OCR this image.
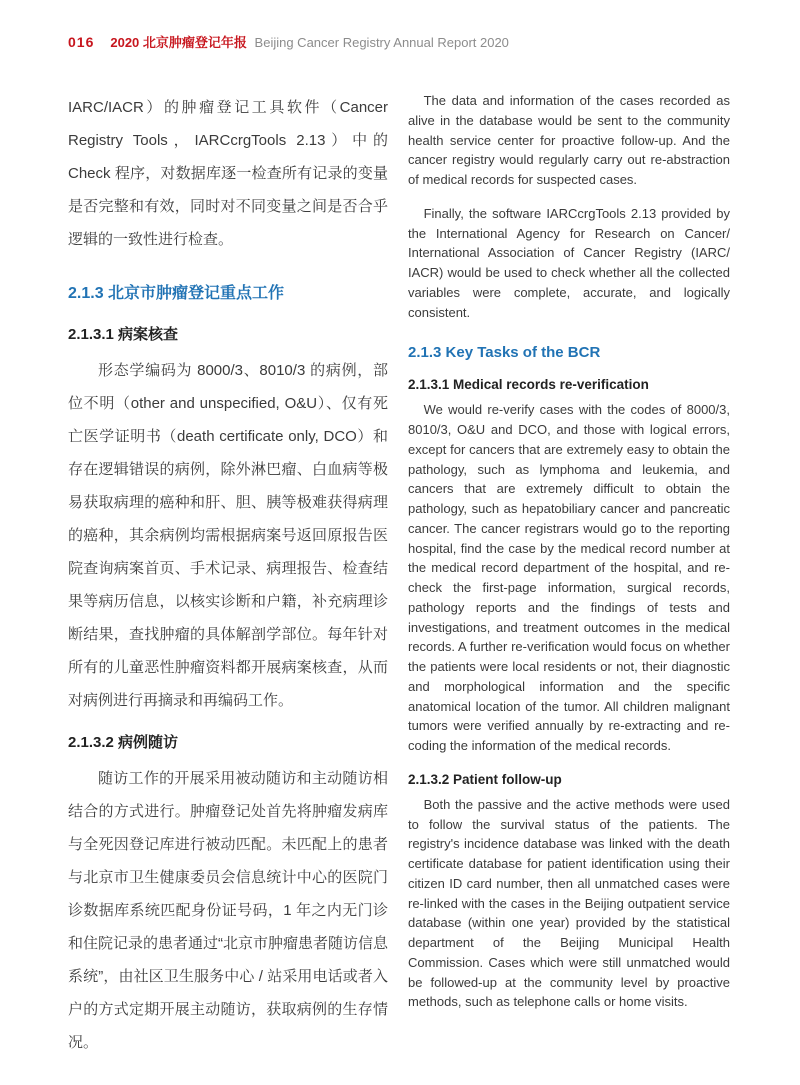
016 2020 北京肿瘤登记年报 Beijing Cancer Registry Annual Report 2020

IARC/IACR）的肿瘤登记工具软件（Cancer Registry Tools，IARCcrgTools 2.13）中的 Check 程序，对数据库逐一检查所有记录的变量是否完整和有效，同时对不同变量之间是否合乎逻辑的一致性进行检查。

2.1.3 北京市肿瘤登记重点工作
2.1.3.1 病案核查

形态学编码为 8000/3、8010/3 的病例，部位不明（other and unspecified, O&U）、仅有死亡医学证明书（death certificate only, DCO）和存在逻辑错误的病例，除外淋巴瘤、白血病等极易获取病理的癌种和肝、胆、胰等极难获得病理的癌种，其余病例均需根据病案号返回原报告医院查询病案首页、手术记录、病理报告、检查结果等病历信息，以核实诊断和户籍，补充病理诊断结果，查找肿瘤的具体解剖学部位。每年针对所有的儿童恶性肿瘤资料都开展病案核查，从而对病例进行再摘录和再编码工作。

2.1.3.2 病例随访

随访工作的开展采用被动随访和主动随访相结合的方式进行。肿瘤登记处首先将肿瘤发病库与全死因登记库进行被动匹配。未匹配上的患者与北京市卫生健康委员会信息统计中心的医院门诊数据库系统匹配身份证号码，1 年之内无门诊和住院记录的患者通过“北京市肿瘤患者随访信息系统”，由社区卫生服务中心 / 站采用电话或者入户的方式定期开展主动随访，获取病例的生存情况。

The data and information of the cases recorded as alive in the database would be sent to the community health service center for proactive follow-up. And the cancer registry would regularly carry out re-abstraction of medical records for suspected cases.

Finally, the software IARCcrgTools 2.13 provided by the International Agency for Research on Cancer/ International Association of Cancer Registry (IARC/ IACR) would be used to check whether all the collected variables were complete, accurate, and logically consistent.

2.1.3 Key Tasks of the BCR
2.1.3.1 Medical records re-verification

We would re-verify cases with the codes of 8000/3, 8010/3, O&U and DCO, and those with logical errors, except for cancers that are extremely easy to obtain the pathology, such as lymphoma and leukemia, and cancers that are extremely difficult to obtain the pathology, such as hepatobiliary cancer and pancreatic cancer. The cancer registrars would go to the reporting hospital, find the case by the medical record number at the medical record department of the hospital, and re-check the first-page information, surgical records, pathology reports and the findings of tests and investigations, and treatment outcomes in the medical records. A further re-verification would focus on whether the patients were local residents or not, their diagnostic and morphological information and the specific anatomical location of the tumor. All children malignant tumors were verified annually by re-extracting and re-coding the information of the medical records.

2.1.3.2 Patient follow-up

Both the passive and the active methods were used to follow the survival status of the patients. The registry's incidence database was linked with the death certificate database for patient identification using their citizen ID card number, then all unmatched cases were re-linked with the cases in the Beijing outpatient service database (within one year) provided by the statistical department of the Beijing Municipal Health Commission. Cases which were still unmatched would be followed-up at the community level by proactive methods, such as telephone calls or home visits.
